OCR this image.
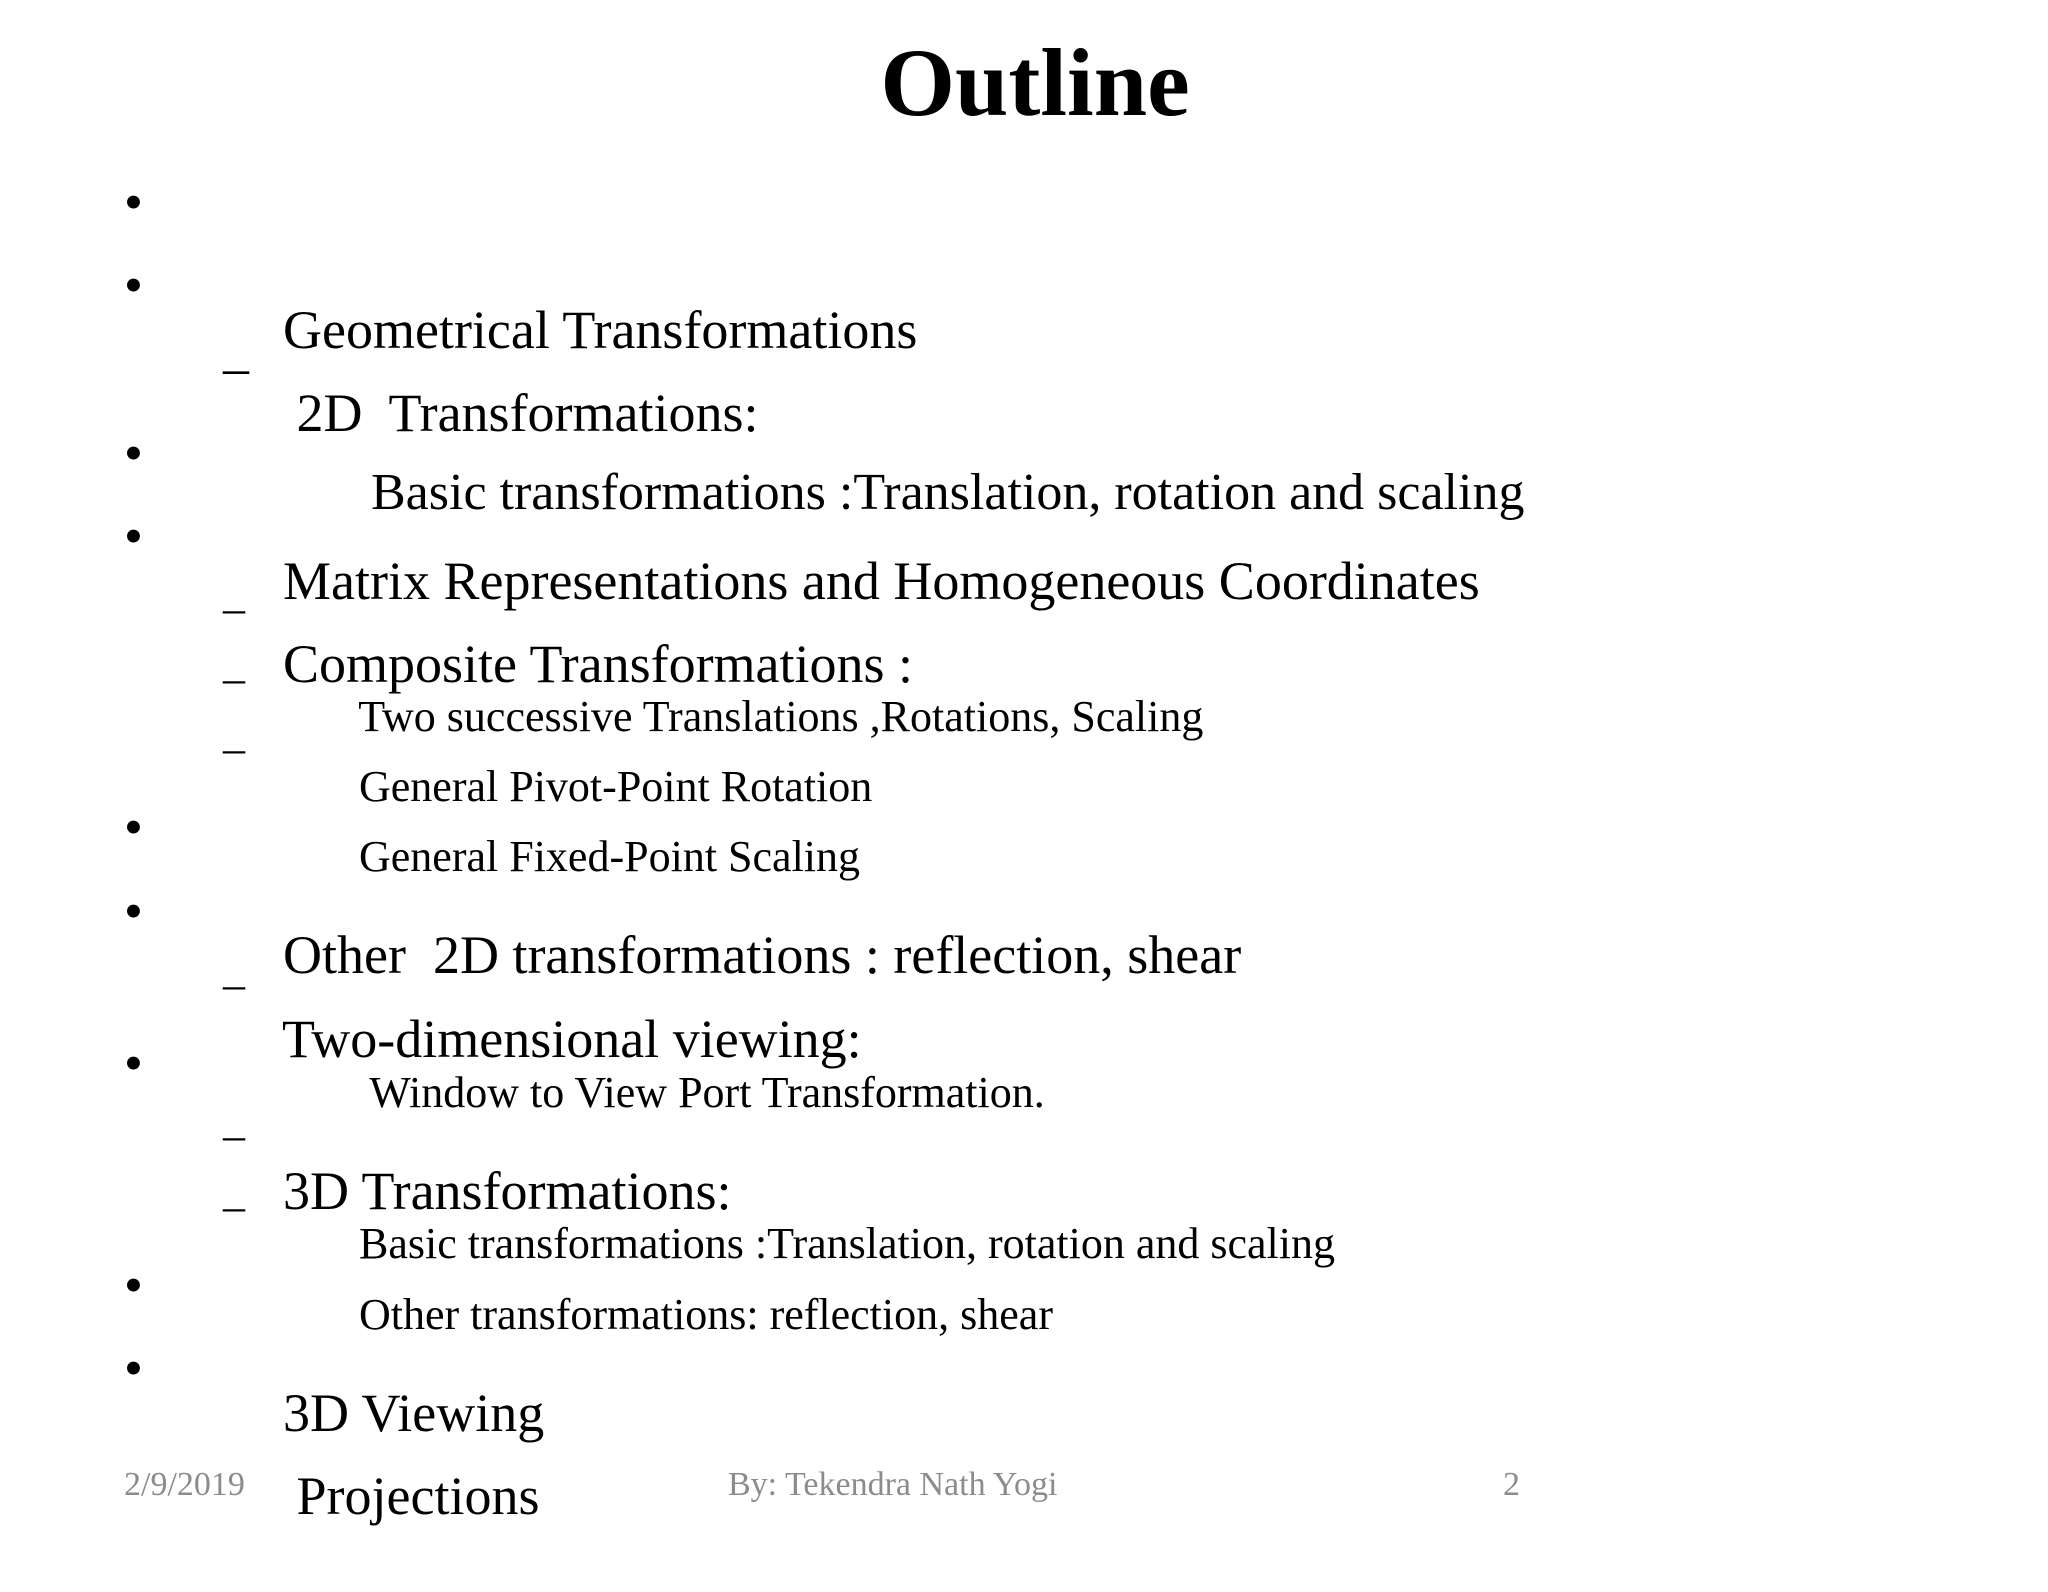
Outline

•

Geometrical Transformations

•

2D  Transformations:

–

Basic transformations :Translation, rotation and scaling

•

Matrix Representations and Homogeneous Coordinates

•

Composite Transformations :

–

Two successive Translations ,Rotations, Scaling

–

General Pivot-Point Rotation

–

General Fixed-Point Scaling

•

Other  2D transformations : reflection, shear

•

Two-dimensional viewing:

–

Window to View Port Transformation.

•

3D Transformations:

–

Basic transformations :Translation, rotation and scaling

–

Other transformations: reflection, shear

•

3D Viewing

•

Projections

2/9/2019	By: Tekendra Nath Yogi	2
